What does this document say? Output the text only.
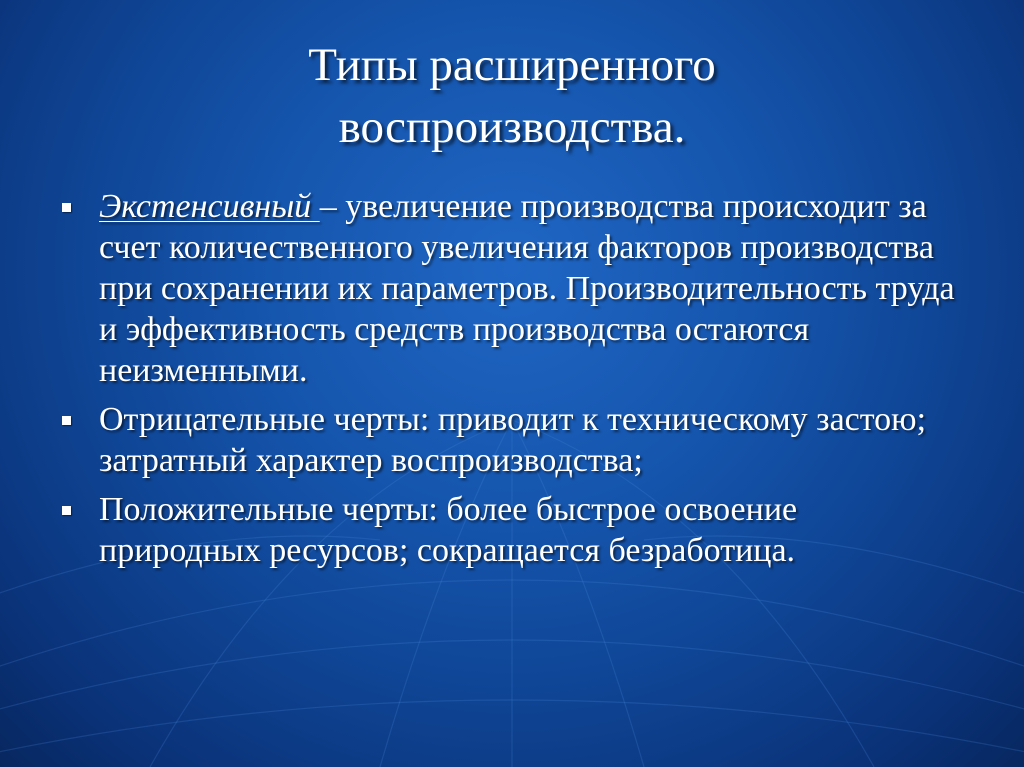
Типы расширенного
воспроизводства.
Экстенсивный – увеличение производства происходит за счет количественного увеличения факторов производства при сохранении их параметров. Производительность труда и эффективность средств производства остаются неизменными.
Отрицательные черты: приводит к техническому застою; затратный характер воспроизводства;
Положительные черты: более быстрое освоение природных ресурсов; сокращается безработица.
